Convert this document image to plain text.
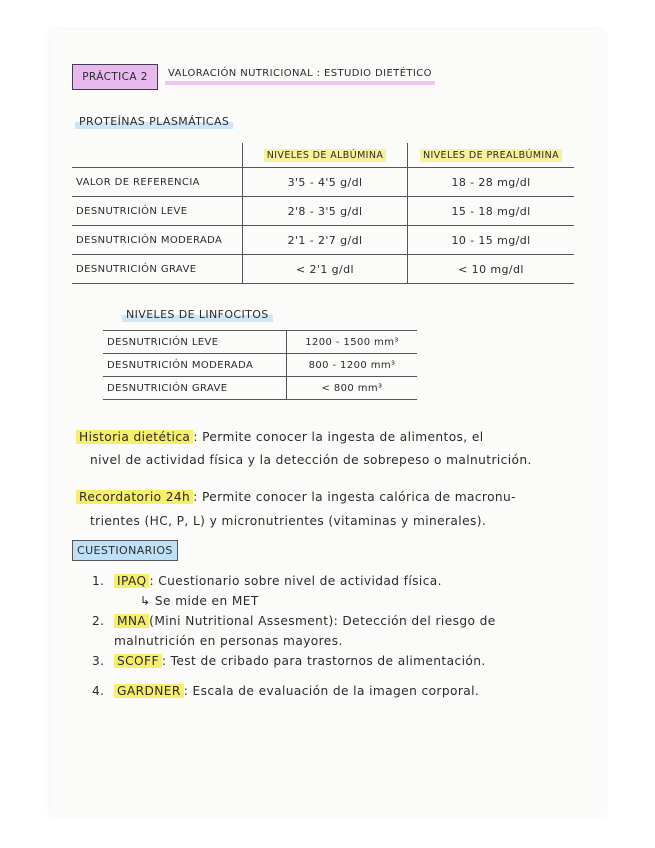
PRÁCTICA 2	VALORACIÓN NUTRICIONAL : ESTUDIO DIETÉTICO
PROTEÍNAS PLASMÁTICAS
	NIVELES DE ALBÚMINA	NIVELES DE PREALBÚMINA
VALOR DE REFERENCIA	3'5 - 4'5 g/dl	18 - 28 mg/dl
DESNUTRICIÓN LEVE	2'8 - 3'5 g/dl	15 - 18 mg/dl
DESNUTRICIÓN MODERADA	2'1 - 2'7 g/dl	10 - 15 mg/dl
DESNUTRICIÓN GRAVE	< 2'1 g/dl	< 10 mg/dl
NIVELES DE LINFOCITOS
DESNUTRICIÓN LEVE	1200 - 1500 mm³
DESNUTRICIÓN MODERADA	800 - 1200 mm³
DESNUTRICIÓN GRAVE	< 800 mm³
Historia dietética : Permite conocer la ingesta de alimentos, el
nivel de actividad física y la detección de sobrepeso o malnutrición.
Recordatorio 24h : Permite conocer la ingesta calórica de macronu-
trientes (HC, P, L) y micronutrientes (vitaminas y minerales).
CUESTIONARIOS
1. IPAQ : Cuestionario sobre nivel de actividad física.
↳ Se mide en MET
2. MNA (Mini Nutritional Assesment): Detección del riesgo de
malnutrición en personas mayores.
3. SCOFF : Test de cribado para trastornos de alimentación.
4. GARDNER : Escala de evaluación de la imagen corporal.
